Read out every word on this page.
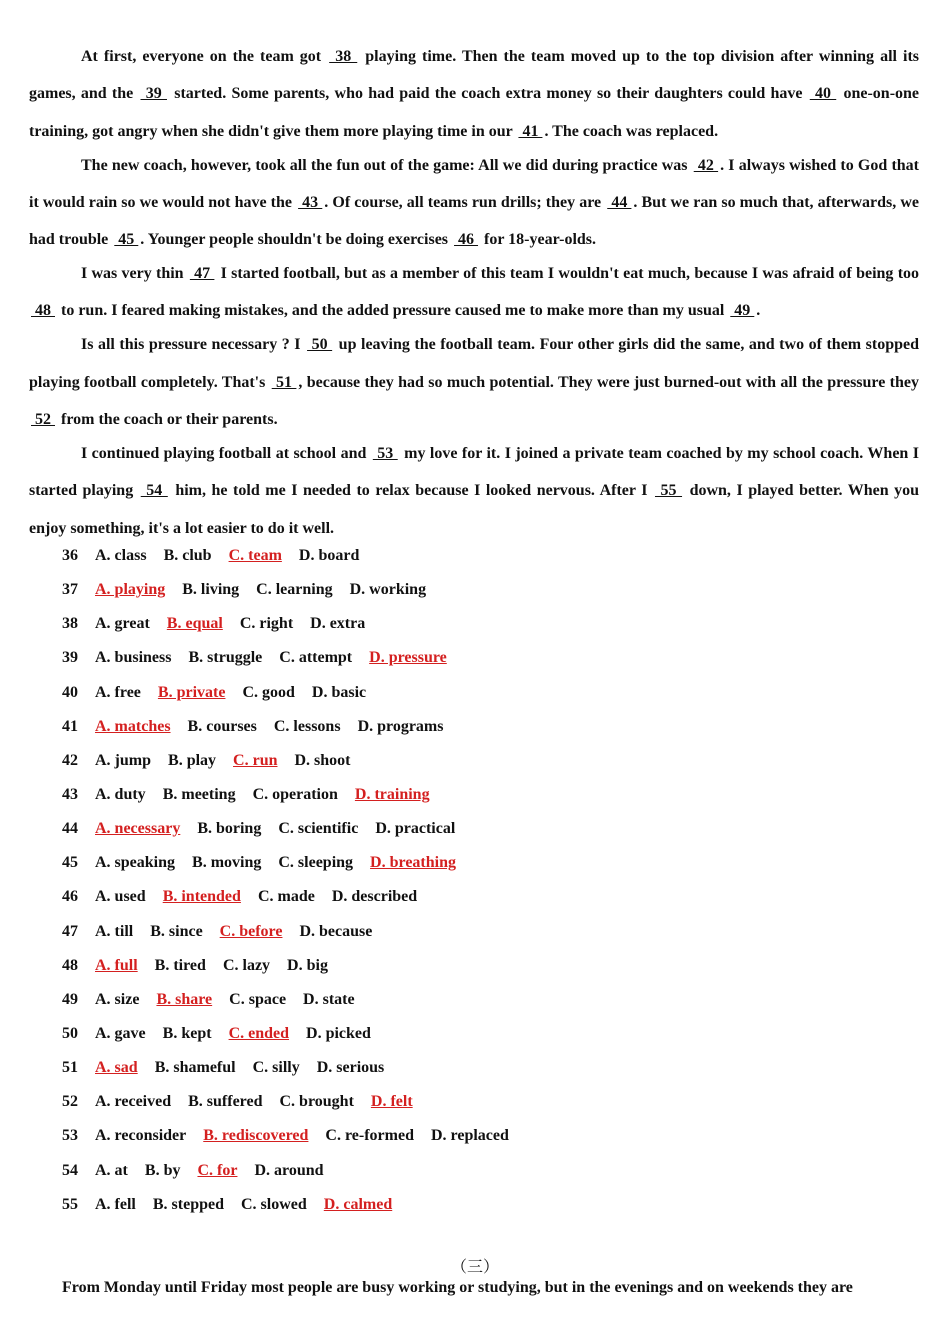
At first, everyone on the team got  38  playing time. Then the team moved up to the top division after winning all its games, and the  39  started. Some parents, who had paid the coach extra money so their daughters could have  40  one-on-one training, got angry when she didn't give them more playing time in our  41 . The coach was replaced.

The new coach, however, took all the fun out of the game: All we did during practice was  42 . I always wished to God that it would rain so we would not have the  43 . Of course, all teams run drills; they are  44 . But we ran so much that, afterwards, we had trouble  45 . Younger people shouldn't be doing exercises  46  for 18-year-olds.

I was very thin  47  I started football, but as a member of this team I wouldn't eat much, because I was afraid of being too  48  to run. I feared making mistakes, and the added pressure caused me to make more than my usual  49 .

Is all this pressure necessary ? I  50  up leaving the football team. Four other girls did the same, and two of them stopped playing football completely. That's  51 , because they had so much potential. They were just burned-out with all the pressure they  52  from the coach or their parents.

I continued playing football at school and  53  my love for it. I joined a private team coached by my school coach. When I started playing  54  him, he told me I needed to relax because I looked nervous. After I  55  down, I played better. When you enjoy something, it's a lot easier to do it well.

36 A. class B. club C. team D. board
37 A. playing B. living C. learning D. working
38 A. great B. equal C. right D. extra
39 A. business B. struggle C. attempt D. pressure
40 A. free B. private C. good D. basic
41 A. matches B. courses C. lessons D. programs
42 A. jump B. play C. run D. shoot
43 A. duty B. meeting C. operation D. training
44 A. necessary B. boring C. scientific D. practical
45 A. speaking B. moving C. sleeping D. breathing
46 A. used B. intended C. made D. described
47 A. till B. since C. before D. because
48 A. full B. tired C. lazy D. big
49 A. size B. share C. space D. state
50 A. gave B. kept C. ended D. picked
51 A. sad B. shameful C. silly D. serious
52 A. received B. suffered C. brought D. felt
53 A. reconsider B. rediscovered C. re-formed D. replaced
54 A. at B. by C. for D. around
55 A. fell B. stepped C. slowed D. calmed
（三）
From Monday until Friday most people are busy working or studying, but in the evenings and on weekends they are
